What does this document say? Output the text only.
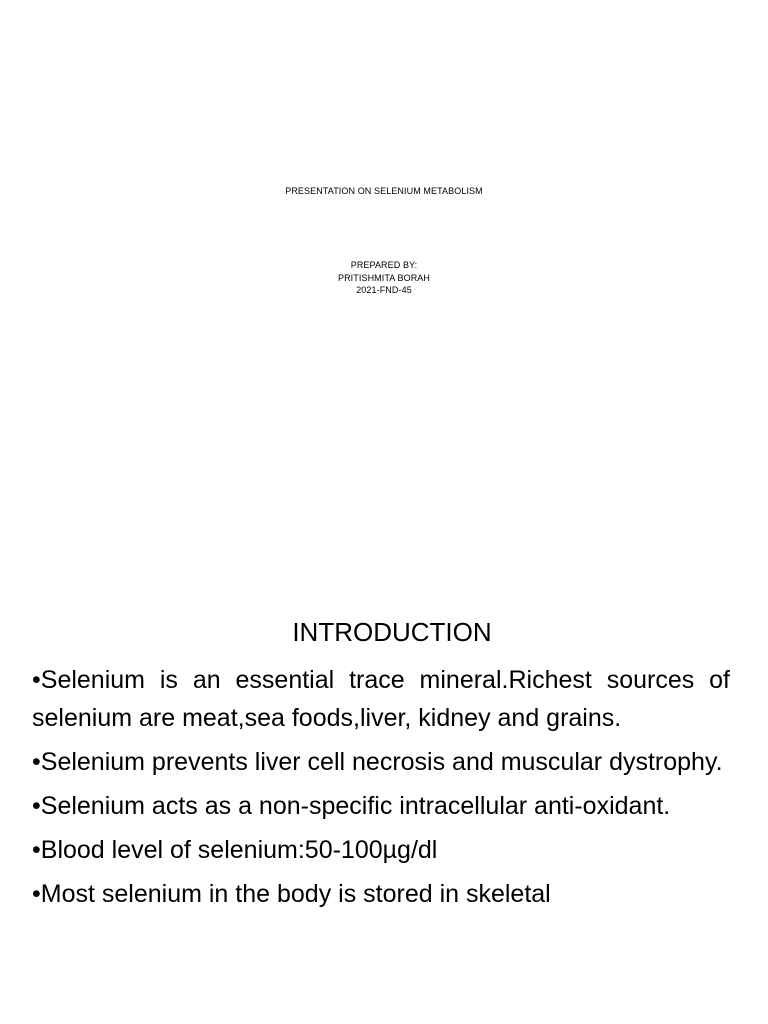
PRESENTATION ON SELENIUM METABOLISM
PREPARED BY:
PRITISHMITA BORAH
2021-FND-45
INTRODUCTION
•Selenium is an essential trace mineral.Richest sources of selenium are meat,sea foods,liver, kidney and grains.
•Selenium prevents liver cell necrosis and muscular dystrophy.
•Selenium acts as a non-specific intracellular anti-oxidant.
•Blood level of selenium:50-100µg/dl
•Most selenium in the body is stored in skeletal
